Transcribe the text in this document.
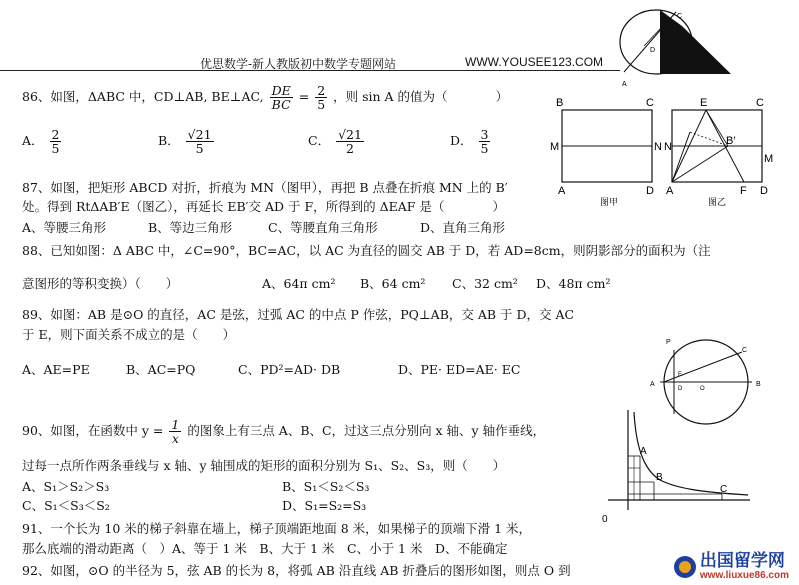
优思数学-新人教版初中数学专题网站	WWW.YOUSEE123.COM
C
D
A
86、如图，ΔABC 中，CD⊥AB, BE⊥AC, $\frac{DE}{BC} = \frac{2}{5}$ ，则 sin A 的值为（	）
A． $\frac{2}{5}$	B． $\frac{√21}{5}$	C． $\frac{√21}{2}$	D． $\frac{3}{5}$
B	C
M	N
A	D
图甲
E	C
B′
M
N
A	F D
图乙
87、如图，把矩形 ABCD 对折，折痕为 MN（图甲），再把 B 点叠在折痕 MN 上的 B′
处。得到 RtΔAB′E（图乙），再延长 EB′交 AD 于 F，所得到的 ΔEAF 是（	）
A、等腰三角形	B、等边三角形	C、等腰直角三角形	D、直角三角形
88、已知如图：Δ ABC 中，∠C=90°，BC=AC，以 AC 为直径的圆交 AB 于 D，若 AD=8cm，则阴影部分的面积为（注
意图形的等积变换）（　　）	A、64π cm² B、64 cm² C、32 cm² D、48π cm²
89、如图：AB 是⊙O 的直径，AC 是弦，过弧 AC 的中点 P 作弦，PQ⊥AB，交 AB 于 D，交 AC
于 E，则下面关系不成立的是（　　）
A、AE=PE	B、AC=PQ	C、PD²=AD· DB	D、PE· ED=AE· EC
P
C
A	B
E
D	O
90、如图，在函数中 $y = \frac{1}{x}$ 的图象上有三点 A、B、C，过这三点分别向 x 轴、y 轴作垂线，
过每一点所作两条垂线与 x 轴、y 轴围成的矩形的面积分别为 S₁、S₂、S₃，则（　　）
A、S₁＞S₂＞S₃	B、S₁＜S₂＜S₃
C、S₁＜S₃＜S₂	D、S₁=S₂=S₃
A
B
C
0
91、一个长为 10 米的梯子斜靠在墙上，梯子顶端距地面 8 米，如果梯子的顶端下滑 1 米，
那么底端的滑动距离（　）A、等于 1 米　B、大于 1 米　C、小于 1 米　D、不能确定
92、如图，⊙O 的半径为 5，弦 AB 的长为 8，将弧 AB 沿直线 AB 折叠后的图形如图，则点 O 到	出国留学网
www.liuxue86.com
